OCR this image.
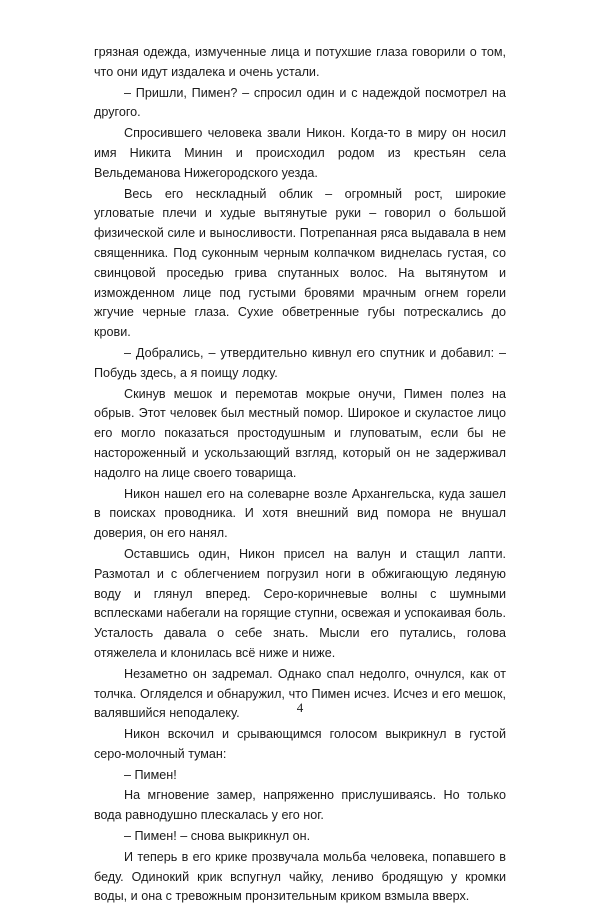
грязная одежда, измученные лица и потухшие глаза говорили о том, что они идут издалека и очень устали.

– Пришли, Пимен? – спросил один и с надеждой посмотрел на другого.

Спросившего человека звали Никон. Когда-то в миру он носил имя Никита Минин и происходил родом из крестьян села Вельдеманова Нижегородского уезда.

Весь его нескладный облик – огромный рост, широкие угловатые плечи и худые вытянутые руки – говорил о большой физической силе и выносливости. Потрепанная ряса выдавала в нем священника. Под суконным черным колпачком виднелась густая, со свинцовой проседью грива спутанных волос. На вытянутом и изможденном лице под густыми бровями мрачным огнем горели жгучие черные глаза. Сухие обветренные губы потрескались до крови.

– Добрались, – утвердительно кивнул его спутник и добавил: – Побудь здесь, а я поищу лодку.

Скинув мешок и перемотав мокрые онучи, Пимен полез на обрыв. Этот человек был местный помор. Широкое и скуластое лицо его могло показаться простодушным и глуповатым, если бы не настороженный и ускользающий взгляд, который он не задерживал надолго на лице своего товарища.

Никон нашел его на солеварне возле Архангельска, куда зашел в поисках проводника. И хотя внешний вид помора не внушал доверия, он его нанял.

Оставшись один, Никон присел на валун и стащил лапти. Размотал и с облегчением погрузил ноги в обжигающую ледяную воду и глянул вперед. Серо-коричневые волны с шумными всплесками набегали на горящие ступни, освежая и успокаивая боль. Усталость давала о себе знать. Мысли его путались, голова отяжелела и клонилась всё ниже и ниже.

Незаметно он задремал. Однако спал недолго, очнулся, как от толчка. Огляделся и обнаружил, что Пимен исчез. Исчез и его мешок, валявшийся неподалеку.

Никон вскочил и срывающимся голосом выкрикнул в густой серо-молочный туман:

– Пимен!

На мгновение замер, напряженно прислушиваясь. Но только вода равнодушно плескалась у его ног.

– Пимен! – снова выкрикнул он.

И теперь в его крике прозвучала мольба человека, попавшего в беду. Одинокий крик вспугнул чайку, лениво бродящую у кромки воды, и она с тревожным пронзительным криком взмыла вверх.

4
